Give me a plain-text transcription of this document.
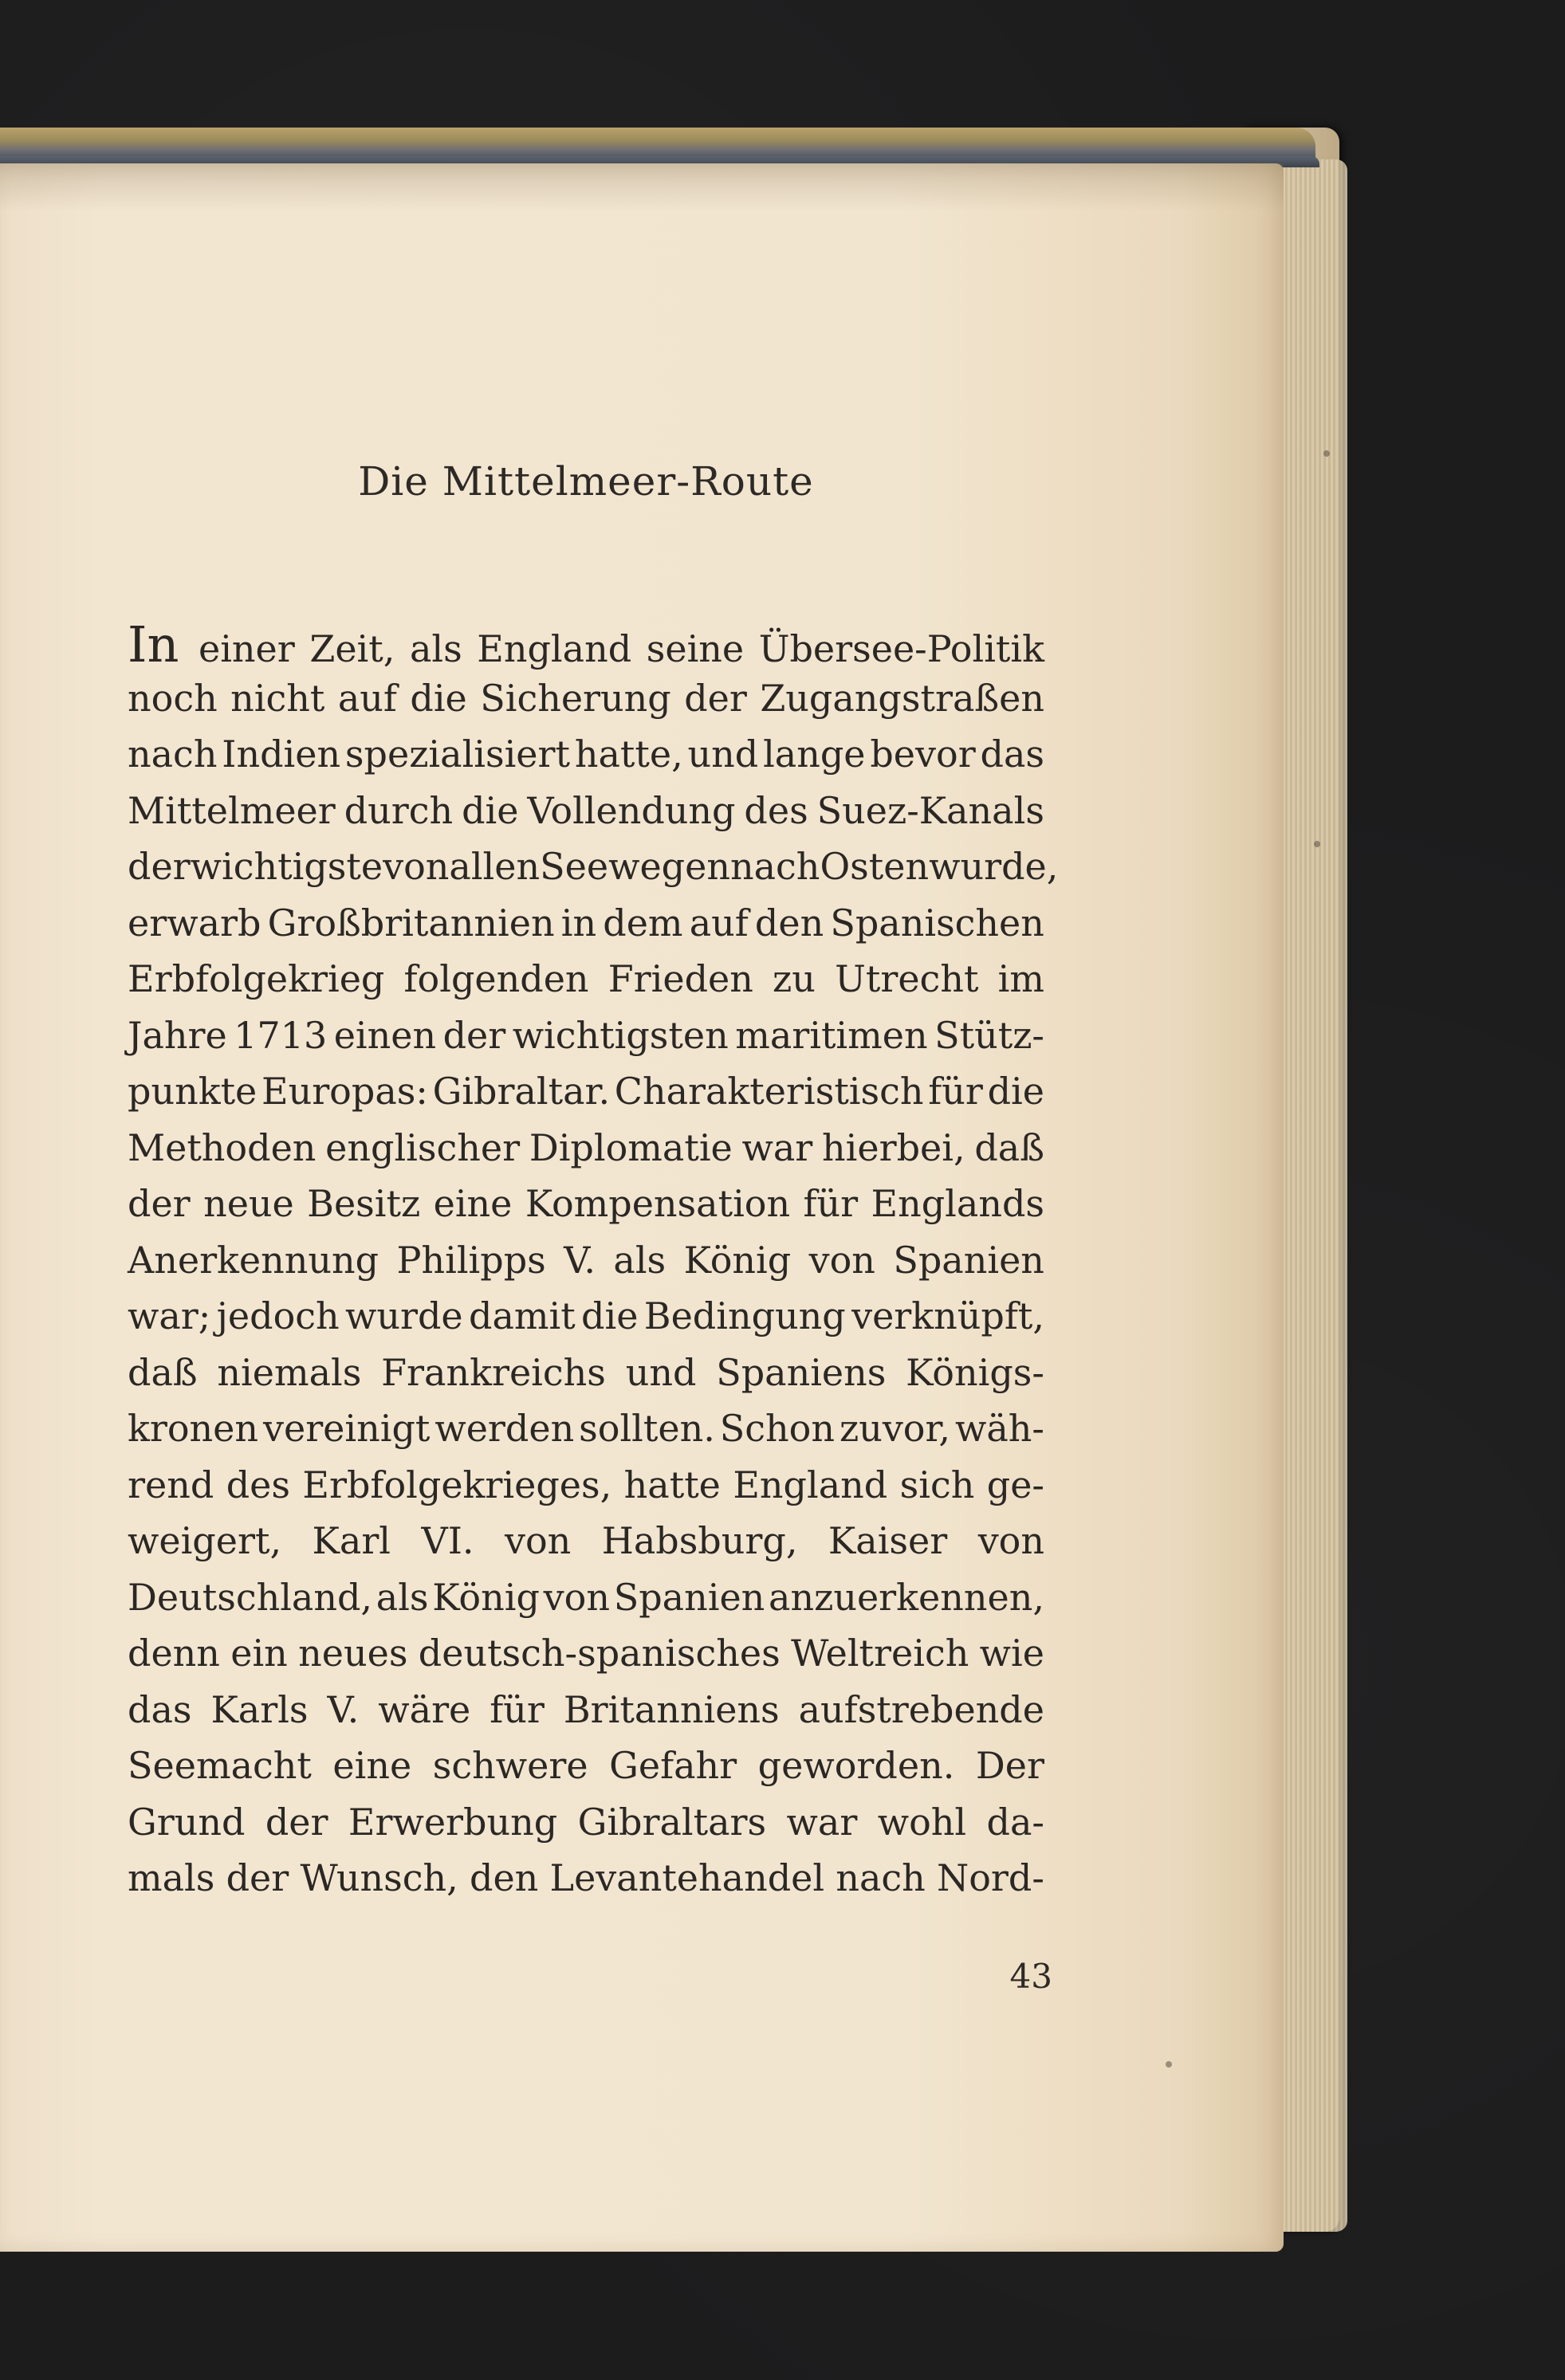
Die Mittelmeer-Route
In einer Zeit, als England seine Übersee-Politik
noch nicht auf die Sicherung der Zugangstraßen
nach Indien spezialisiert hatte, und lange bevor das
Mittelmeer durch die Vollendung des Suez-Kanals
der wichtigste von allen Seewegen nach Osten wurde,
erwarb Großbritannien in dem auf den Spanischen
Erbfolgekrieg folgenden Frieden zu Utrecht im
Jahre 1713 einen der wichtigsten maritimen Stütz-
punkte Europas: Gibraltar. Charakteristisch für die
Methoden englischer Diplomatie war hierbei, daß
der neue Besitz eine Kompensation für Englands
Anerkennung Philipps V. als König von Spanien
war; jedoch wurde damit die Bedingung verknüpft,
daß niemals Frankreichs und Spaniens Königs-
kronen vereinigt werden sollten. Schon zuvor, wäh-
rend des Erbfolgekrieges, hatte England sich ge-
weigert, Karl VI. von Habsburg, Kaiser von
Deutschland, als König von Spanien anzuerkennen,
denn ein neues deutsch-spanisches Weltreich wie
das Karls V. wäre für Britanniens aufstrebende
Seemacht eine schwere Gefahr geworden. Der
Grund der Erwerbung Gibraltars war wohl da-
mals der Wunsch, den Levantehandel nach Nord-
43
